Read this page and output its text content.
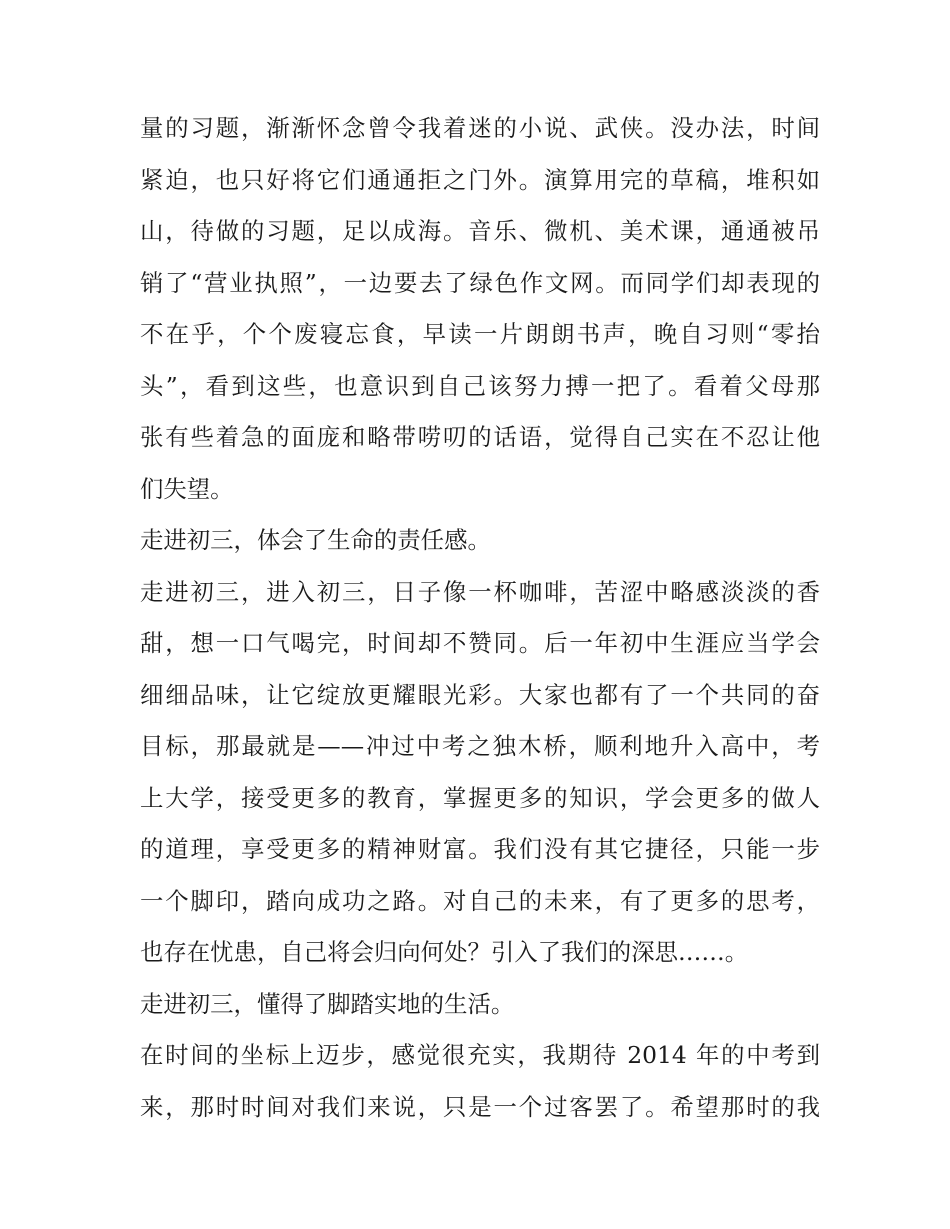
量的习题，渐渐怀念曾令我着迷的小说、武侠。没办法，时间
紧迫，也只好将它们通通拒之门外。演算用完的草稿，堆积如
山，待做的习题，足以成海。音乐、微机、美术课，通通被吊
销了“营业执照”，一边要去了绿色作文网。而同学们却表现的
不在乎，个个废寝忘食，早读一片朗朗书声，晚自习则“零抬
头”，看到这些，也意识到自己该努力搏一把了。看着父母那
张有些着急的面庞和略带唠叨的话语，觉得自己实在不忍让他
们失望。
走进初三，体会了生命的责任感。
走进初三，进入初三，日子像一杯咖啡，苦涩中略感淡淡的香
甜，想一口气喝完，时间却不赞同。后一年初中生涯应当学会
细细品味，让它绽放更耀眼光彩。大家也都有了一个共同的奋
目标，那最就是——冲过中考之独木桥，顺利地升入高中，考
上大学，接受更多的教育，掌握更多的知识，学会更多的做人
的道理，享受更多的精神财富。我们没有其它捷径，只能一步
一个脚印，踏向成功之路。对自己的未来，有了更多的思考，
也存在忧患，自己将会归向何处？引入了我们的深思……。
走进初三，懂得了脚踏实地的生活。
在时间的坐标上迈步，感觉很充实，我期待 2014 年的中考到
来，那时时间对我们来说，只是一个过客罢了。希望那时的我
